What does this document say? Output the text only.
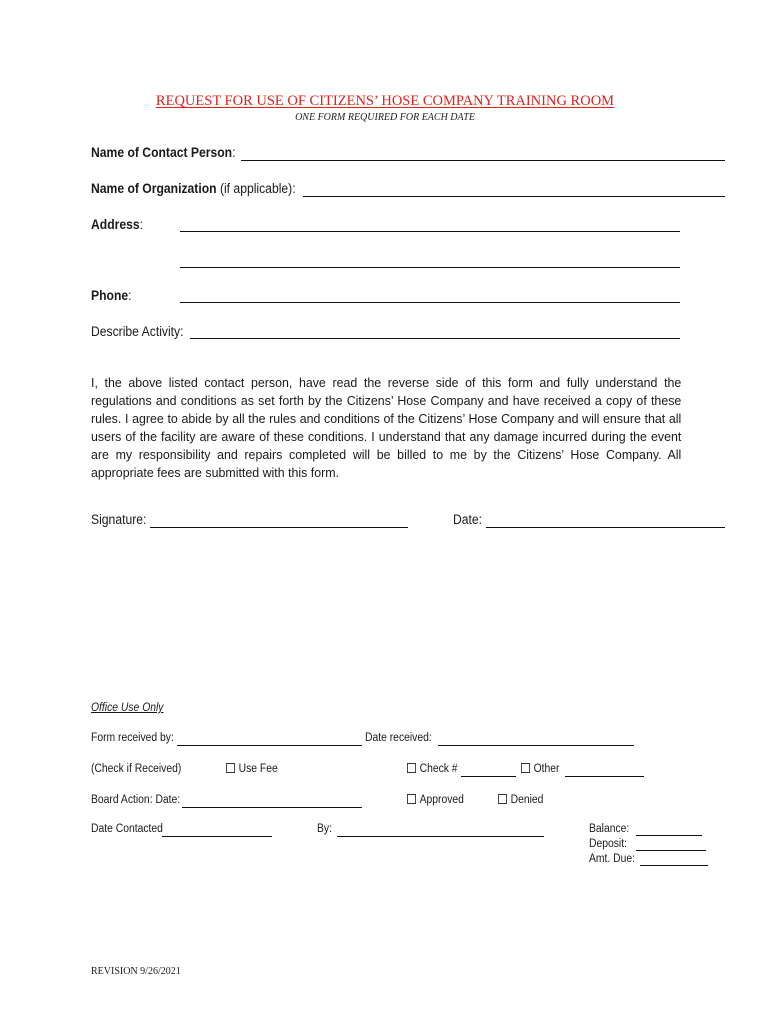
REQUEST FOR USE OF CITIZENS’ HOSE COMPANY TRAINING ROOM
ONE FORM REQUIRED FOR EACH DATE
Name of Contact Person:
Name of Organization (if applicable):
Address:
Phone:
Describe Activity:
I, the above listed contact person, have read the reverse side of this form and fully understand the regulations and conditions as set forth by the Citizens’ Hose Company and have received a copy of these rules. I agree to abide by all the rules and conditions of the Citizens’ Hose Company and will ensure that all users of the facility are aware of these conditions. I understand that any damage incurred during the event are my responsibility and repairs completed will be billed to me by the Citizens’ Hose Company. All appropriate fees are submitted with this form.
Signature:	Date:
Office Use Only
Form received by:	Date received:
(Check if Received)	Use Fee	Check #	Other
Board Action: Date:	Approved	Denied
Date Contacted	By:	Balance:
Deposit:
Amt. Due:
REVISION 9/26/2021
